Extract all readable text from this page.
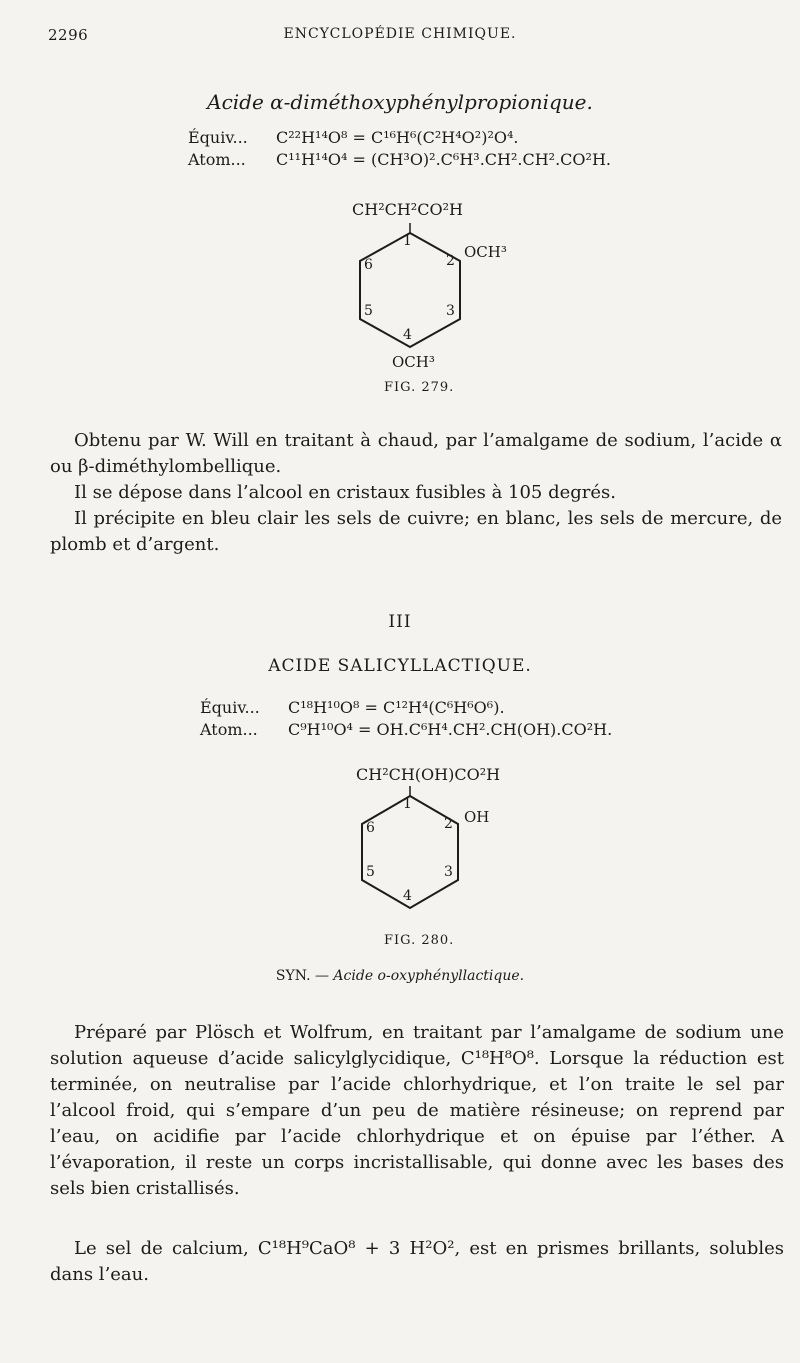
ENCYCLOPÉDIE CHIMIQUE.
2296
Acide α-diméthoxyphénylpropionique.
Équiv... C²²H¹⁴O⁸ = C¹⁶H⁶(C²H⁴O²)²O⁴.
Atom... C¹¹H¹⁴O⁴ = (CH³O)².C⁶H³.CH².CH².CO²H.
CH²CH²CO²H
1
2
3
4
5
6
OCH³
OCH³
FIG. 279.

Obtenu par W. Will en traitant à chaud, par l’amalgame de sodium, l’acide α ou β-diméthylombellique.

Il se dépose dans l’alcool en cristaux fusibles à 105 degrés.

Il précipite en bleu clair les sels de cuivre; en blanc, les sels de mercure, de plomb et d’argent.

III
ACIDE SALICYLLACTIQUE.
Équiv... C¹⁸H¹⁰O⁸ = C¹²H⁴(C⁶H⁶O⁶).
Atom... C⁹H¹⁰O⁴ = OH.C⁶H⁴.CH².CH(OH).CO²H.
CH²CH(OH)CO²H
1
2
3
4
5
6
OH
FIG. 280.
SYN. — Acide o-oxyphényllactique.

Préparé par Plösch et Wolfrum, en traitant par l’amalgame de sodium une solution aqueuse d’acide salicylglycidique, C¹⁸H⁸O⁸. Lorsque la réduction est terminée, on neutralise par l’acide chlorhydrique, et l’on traite le sel par l’alcool froid, qui s’empare d’un peu de matière résineuse; on reprend par l’eau, on acidifie par l’acide chlorhydrique et on épuise par l’éther. A l’évaporation, il reste un corps incristallisable, qui donne avec les bases des sels bien cristallisés.

Le sel de calcium, C¹⁸H⁹CaO⁸ + 3 H²O², est en prismes brillants, solubles dans l’eau.
